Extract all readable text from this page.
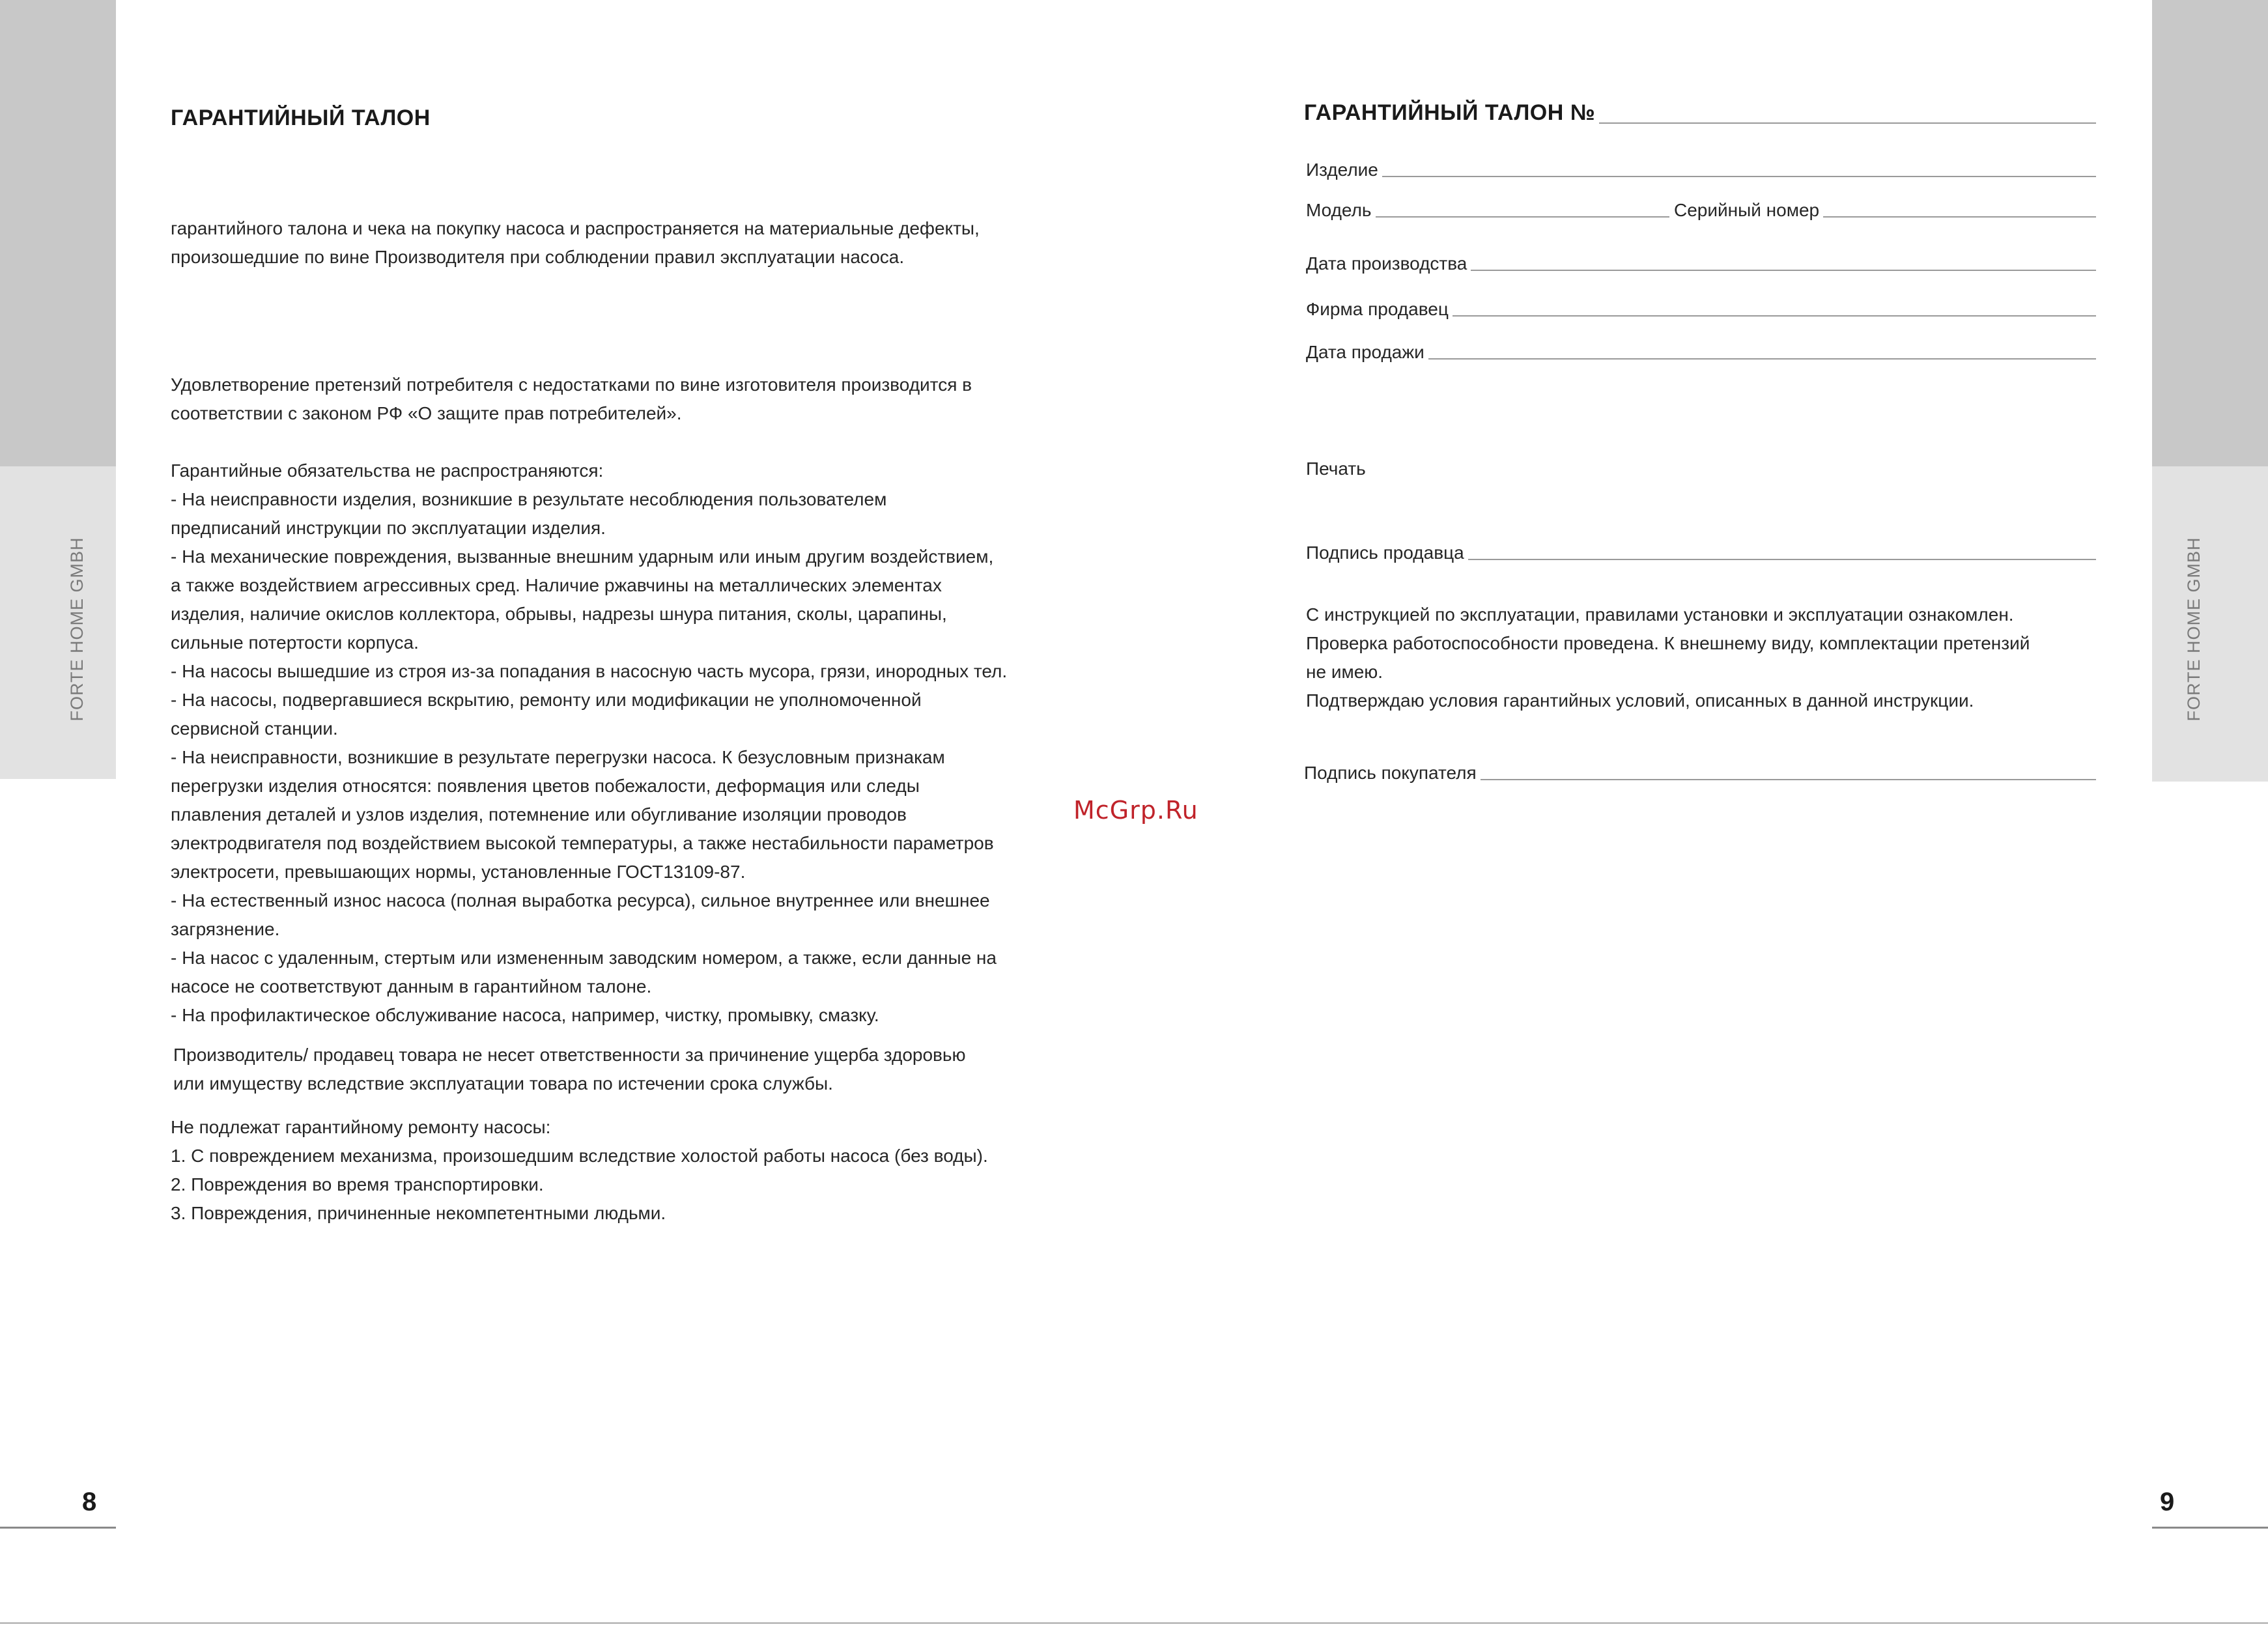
FORTE HOME GMBH	FORTE HOME GMBH
8	9
ГАРАНТИЙНЫЙ ТАЛОН
гарантийного талона и чека на покупку насоса и распространяется на материальные дефекты,
произошедшие по вине Производителя при соблюдении правил эксплуатации насоса.
Удовлетворение претензий потребителя с недостатками по вине изготовителя производится в
соответствии с законом РФ «О защите прав потребителей».
Гарантийные обязательства не распространяются:
- На неисправности изделия, возникшие в результате несоблюдения пользователем
предписаний инструкции по эксплуатации изделия.
- На механические повреждения, вызванные внешним ударным или иным другим воздействием,
а также воздействием агрессивных сред. Наличие ржавчины на металлических элементах
изделия, наличие окислов коллектора, обрывы, надрезы шнура питания, сколы, царапины,
сильные потертости корпуса.
- На насосы вышедшие из строя из-за попадания в насосную часть мусора, грязи, инородных тел.
- На насосы, подвергавшиеся вскрытию, ремонту или модификации не уполномоченной
сервисной станции.
- На неисправности, возникшие в результате перегрузки насоса. К безусловным признакам
перегрузки изделия относятся: появления цветов побежалости, деформация или следы
плавления деталей и узлов изделия, потемнение или обугливание изоляции проводов
электродвигателя под воздействием высокой температуры, а также нестабильности параметров
электросети, превышающих нормы, установленные ГОСТ13109-87.
- На естественный износ насоса (полная выработка ресурса), сильное внутреннее или внешнее
загрязнение.
- На насос с удаленным, стертым или измененным заводским номером, а также, если данные на
насосе не соответствуют данным в гарантийном талоне.
- На профилактическое обслуживание насоса, например, чистку, промывку, смазку.
Производитель/ продавец товара не несет ответственности за причинение ущерба здоровью
или имуществу вследствие эксплуатации товара по истечении срока службы.
Не подлежат гарантийному ремонту насосы:
1. С повреждением механизма, произошедшим вследствие холостой работы насоса (без воды).
2. Повреждения во время транспортировки.
3. Повреждения, причиненные некомпетентными людьми.
McGrp.Ru
ГАРАНТИЙНЫЙ ТАЛОН №
Изделие
Модель	Серийный номер
Дата производства
Фирма продавец
Дата продажи
Печать
Подпись продавца
С инструкцией по эксплуатации, правилами установки и эксплуатации ознакомлен.
Проверка работоспособности проведена. К внешнему виду, комплектации претензий
не имею.
Подтверждаю условия гарантийных условий, описанных в данной инструкции.
Подпись покупателя
